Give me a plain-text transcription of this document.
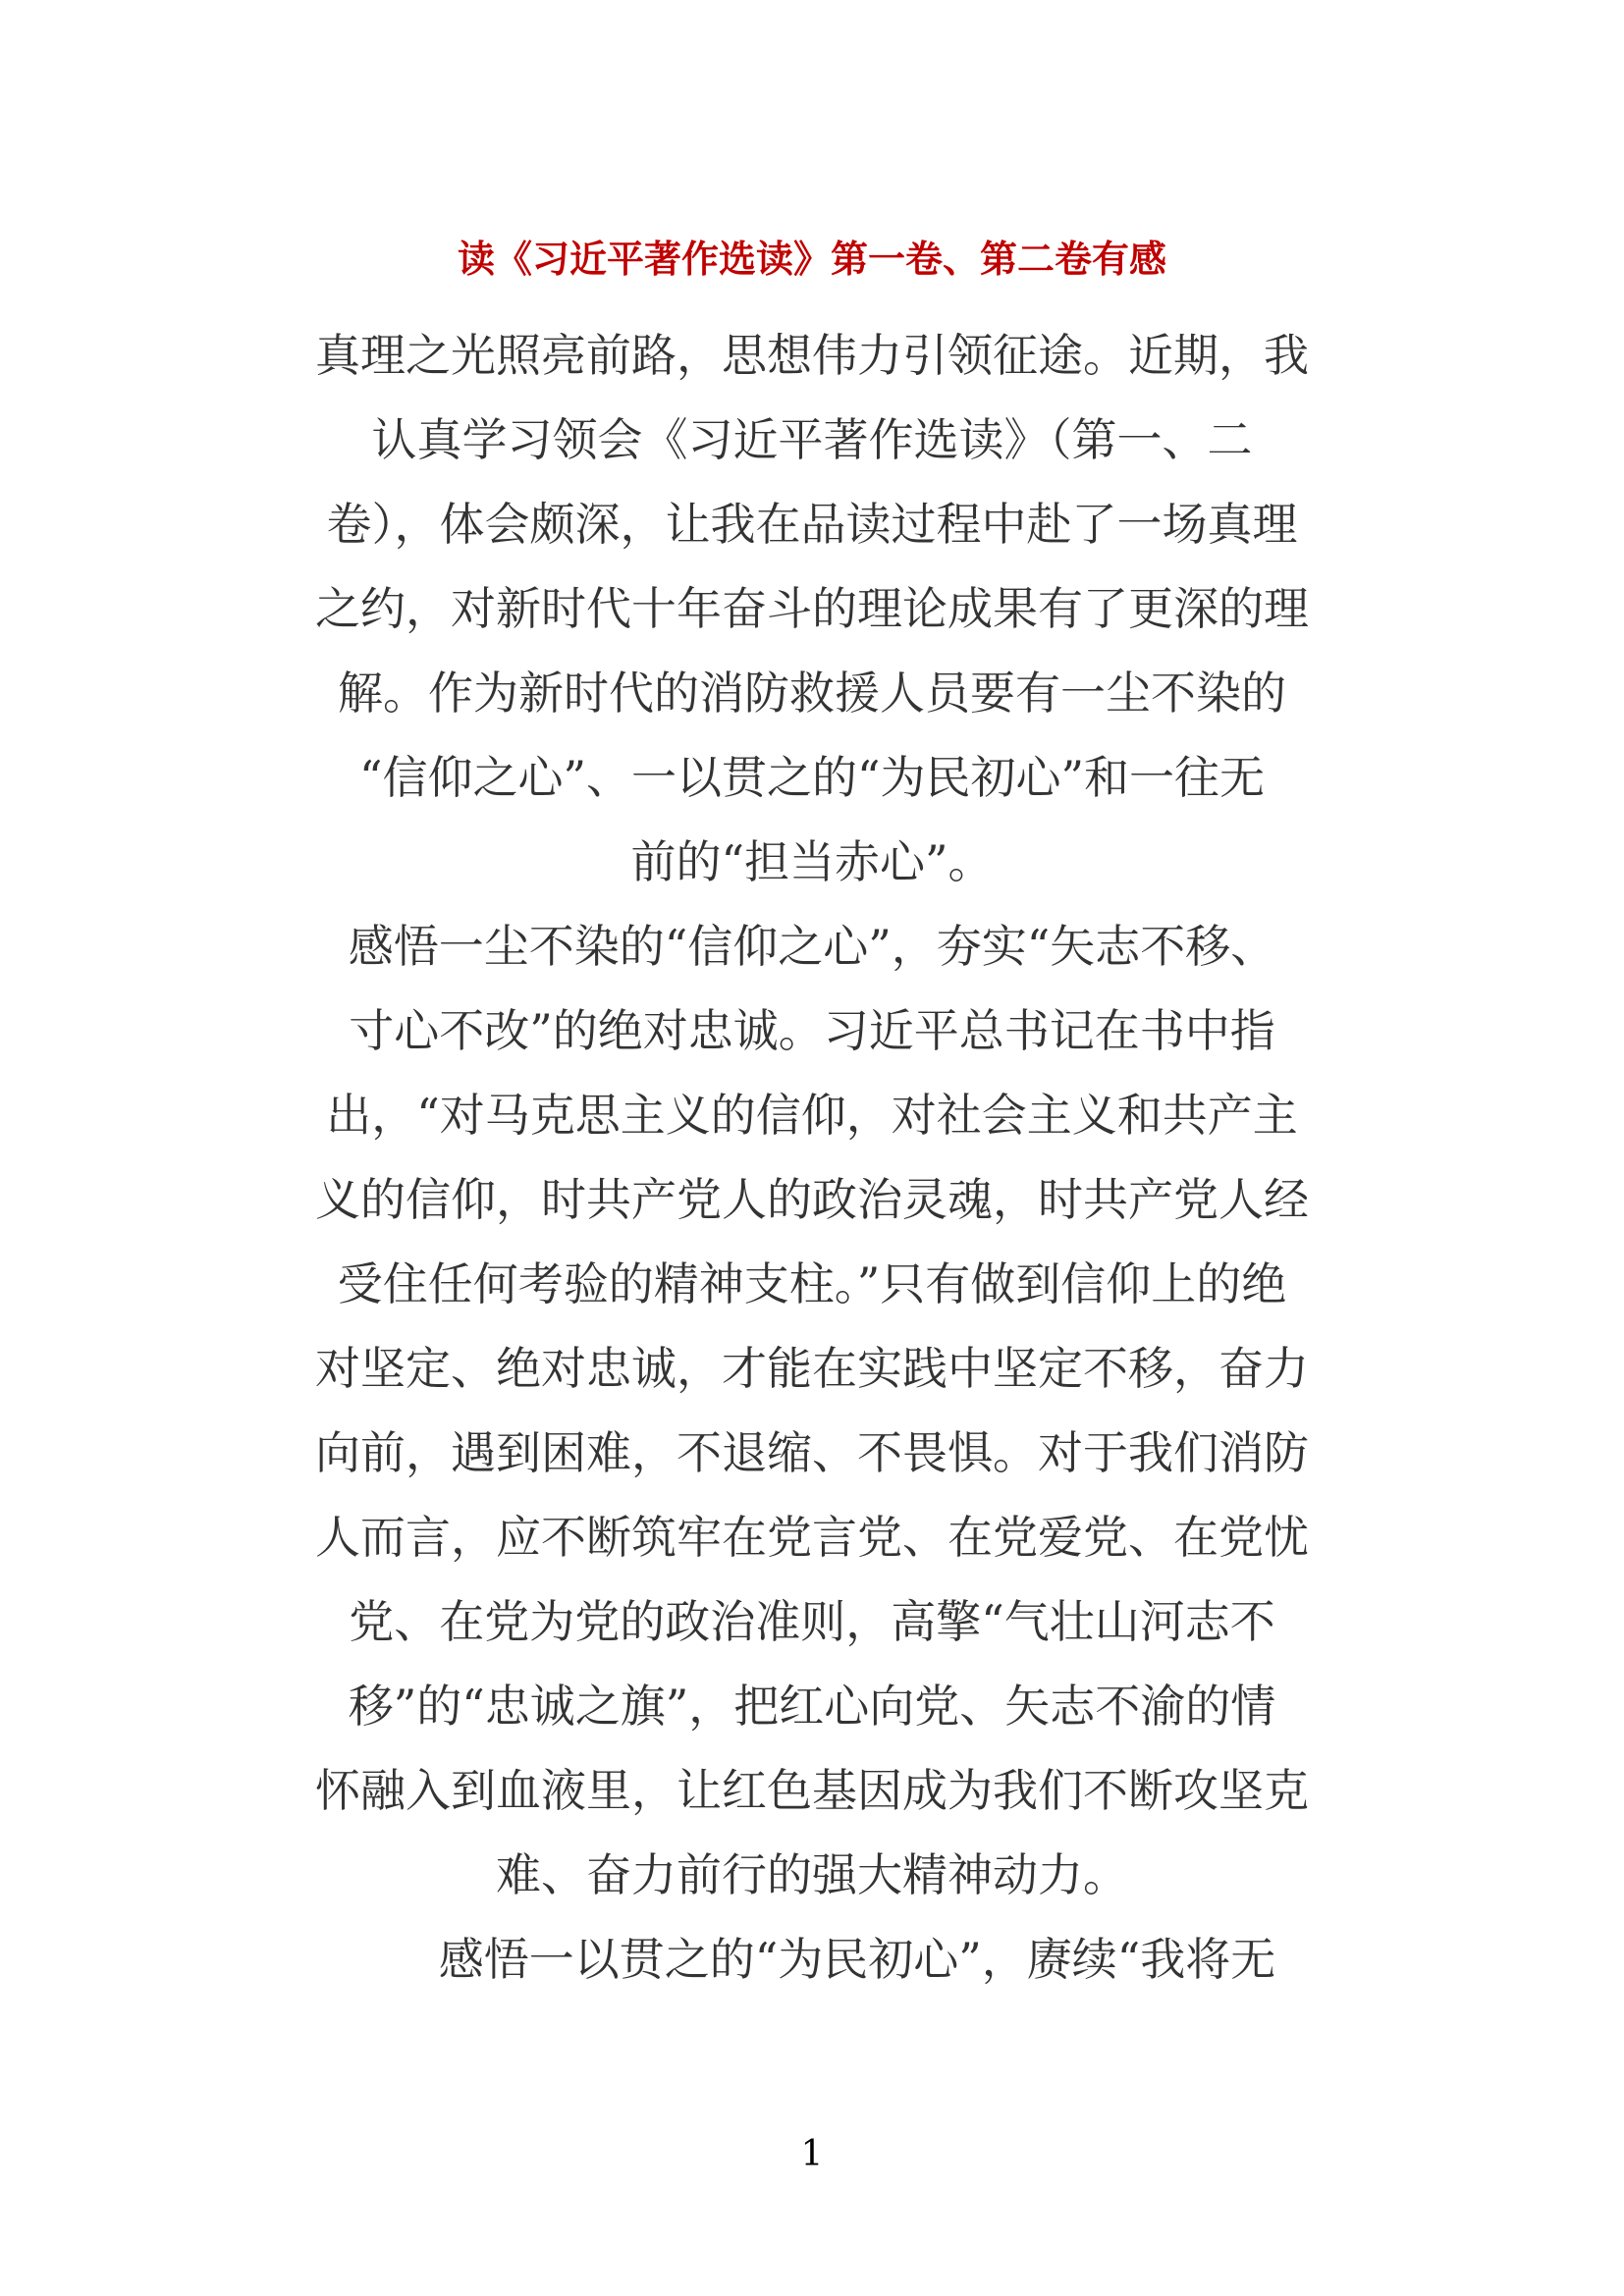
读《习近平著作选读》第一卷、第二卷有感
真理之光照亮前路，思想伟力引领征途。近期，我
认真学习领会《习近平著作选读》（第一、二
卷），体会颇深，让我在品读过程中赴了一场真理
之约，对新时代十年奋斗的理论成果有了更深的理
解。作为新时代的消防救援人员要有一尘不染的
“信仰之心”、一以贯之的“为民初心”和一往无
前的“担当赤心”。
感悟一尘不染的“信仰之心”，夯实“矢志不移、
寸心不改”的绝对忠诚。习近平总书记在书中指
出，“对马克思主义的信仰，对社会主义和共产主
义的信仰，时共产党人的政治灵魂，时共产党人经
受住任何考验的精神支柱。”只有做到信仰上的绝
对坚定、绝对忠诚，才能在实践中坚定不移，奋力
向前，遇到困难，不退缩、不畏惧。对于我们消防
人而言，应不断筑牢在党言党、在党爱党、在党忧
党、在党为党的政治准则，高擎“气壮山河志不
移”的“忠诚之旗”，把红心向党、矢志不渝的情
怀融入到血液里，让红色基因成为我们不断攻坚克
难、奋力前行的强大精神动力。
感悟一以贯之的“为民初心”，赓续“我将无
1
